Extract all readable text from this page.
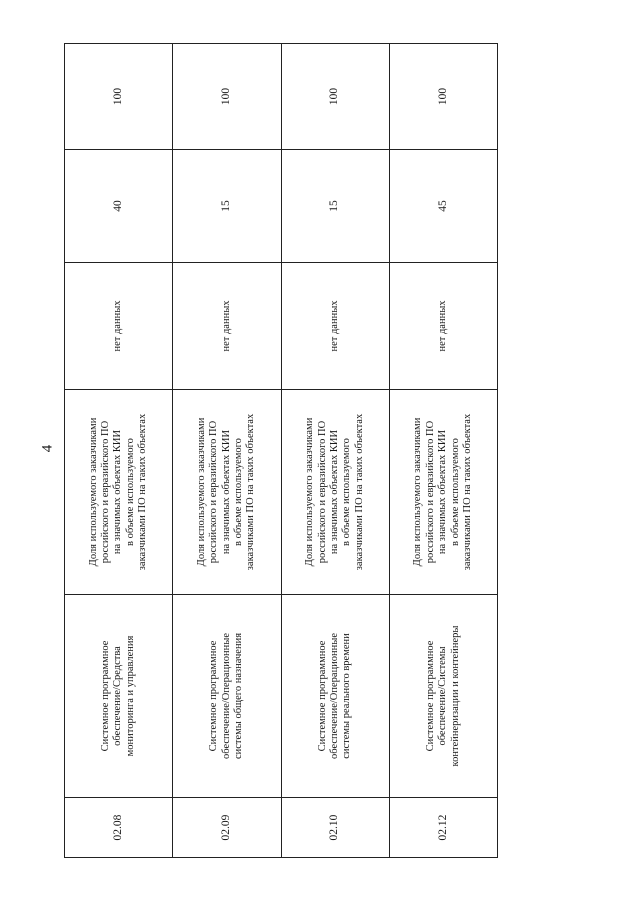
4
02.08	Системное программное
обеспечение/Средства
мониторинга и управления	Доля используемого заказчиками
российского и евразийского ПО
на значимых объектах КИИ
в объеме используемого
заказчиками ПО на таких объектах	нет данных	40	100
02.09	Системное программное
обеспечение/Операционные
системы общего назначения	Доля используемого заказчиками
российского и евразийского ПО
на значимых объектах КИИ
в объеме используемого
заказчиками ПО на таких объектах	нет данных	15	100
02.10	Системное программное
обеспечение/Операционные
системы реального времени	Доля используемого заказчиками
российского и евразийского ПО
на значимых объектах КИИ
в объеме используемого
заказчиками ПО на таких объектах	нет данных	15	100
02.12	Системное программное
обеспечение/Системы
контейнеризации и контейнеры	Доля используемого заказчиками
российского и евразийского ПО
на значимых объектах КИИ
в объеме используемого
заказчиками ПО на таких объектах	нет данных	45	100
